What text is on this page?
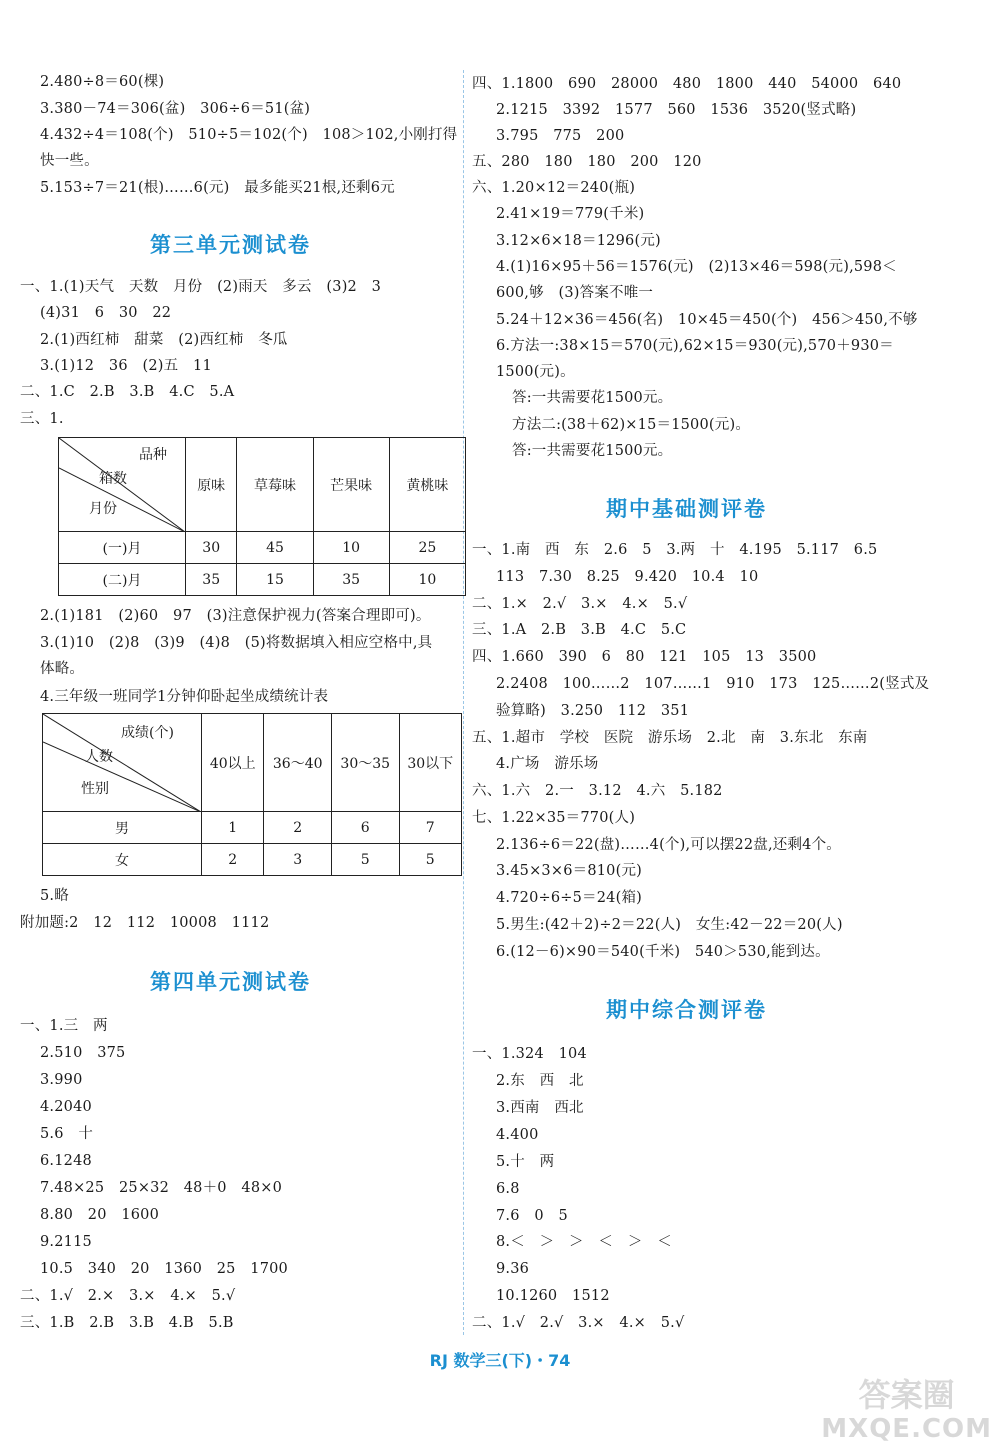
2.480÷8＝60(棵)
3.380－74＝306(盆)　306÷6＝51(盆)
4.432÷4＝108(个)　510÷5＝102(个)　108＞102,小刚打得
快一些。
5.153÷7＝21(根)……6(元)　最多能买21根,还剩6元
第三单元测试卷
一、1.(1)天气　天数　月份　(2)雨天　多云　(3)2　3
(4)31　6　30　22
2.(1)西红柿　甜菜　(2)西红柿　冬瓜
3.(1)12　36　(2)五　11
二、1.C　2.B　3.B　4.C　5.A
三、1.
品种
箱数
月份	原味	草莓味	芒果味	黄桃味
(一)月	30	45	10	25
(二)月	35	15	35	10
2.(1)181　(2)60　97　(3)注意保护视力(答案合理即可)。
3.(1)10　(2)8　(3)9　(4)8　(5)将数据填入相应空格中,具
体略。
4.三年级一班同学1分钟仰卧起坐成绩统计表
成绩(个)
人数
性别	40以上	36～40	30～35	30以下
男	1	2	6	7
女	2	3	5	5
5.略
附加题:2　12　112　10008　1112
第四单元测试卷
一、1.三　两
2.510　375
3.990
4.2040
5.6　十
6.1248
7.48×25　25×32　48＋0　48×0
8.80　20　1600
9.2115
10.5　340　20　1360　25　1700
二、1.√　2.×　3.×　4.×　5.√
三、1.B　2.B　3.B　4.B　5.B
四、1.1800　690　28000　480　1800　440　54000　640
2.1215　3392　1577　560　1536　3520(竖式略)
3.795　775　200
五、280　180　180　200　120
六、1.20×12＝240(瓶)
2.41×19＝779(千米)
3.12×6×18＝1296(元)
4.(1)16×95＋56＝1576(元)　(2)13×46＝598(元),598＜
600,够　(3)答案不唯一
5.24＋12×36＝456(名)　10×45＝450(个)　456＞450,不够
6.方法一:38×15＝570(元),62×15＝930(元),570＋930＝
1500(元)。
答:一共需要花1500元。
方法二:(38＋62)×15＝1500(元)。
答:一共需要花1500元。
期中基础测评卷
一、1.南　西　东　2.6　5　3.两　十　4.195　5.117　6.5
113　7.30　8.25　9.420　10.4　10
二、1.×　2.√　3.×　4.×　5.√
三、1.A　2.B　3.B　4.C　5.C
四、1.660　390　6　80　121　105　13　3500
2.2408　100……2　107……1　910　173　125……2(竖式及
验算略)　3.250　112　351
五、1.超市　学校　医院　游乐场　2.北　南　3.东北　东南
4.广场　游乐场
六、1.六　2.一　3.12　4.六　5.182
七、1.22×35＝770(人)
2.136÷6＝22(盘)……4(个),可以摆22盘,还剩4个。
3.45×3×6＝810(元)
4.720÷6÷5＝24(箱)
5.男生:(42＋2)÷2＝22(人)　女生:42－22＝20(人)
6.(12－6)×90＝540(千米)　540＞530,能到达。
期中综合测评卷
一、1.324　104
2.东　西　北
3.西南　西北
4.400
5.十　两
6.8
7.6　0　5
8.＜　＞　＞　＜　＞　＜
9.36
10.1260　1512
二、1.√　2.√　3.×　4.×　5.√
RJ 数学三(下)・74
答案圈
MXQE.COM
